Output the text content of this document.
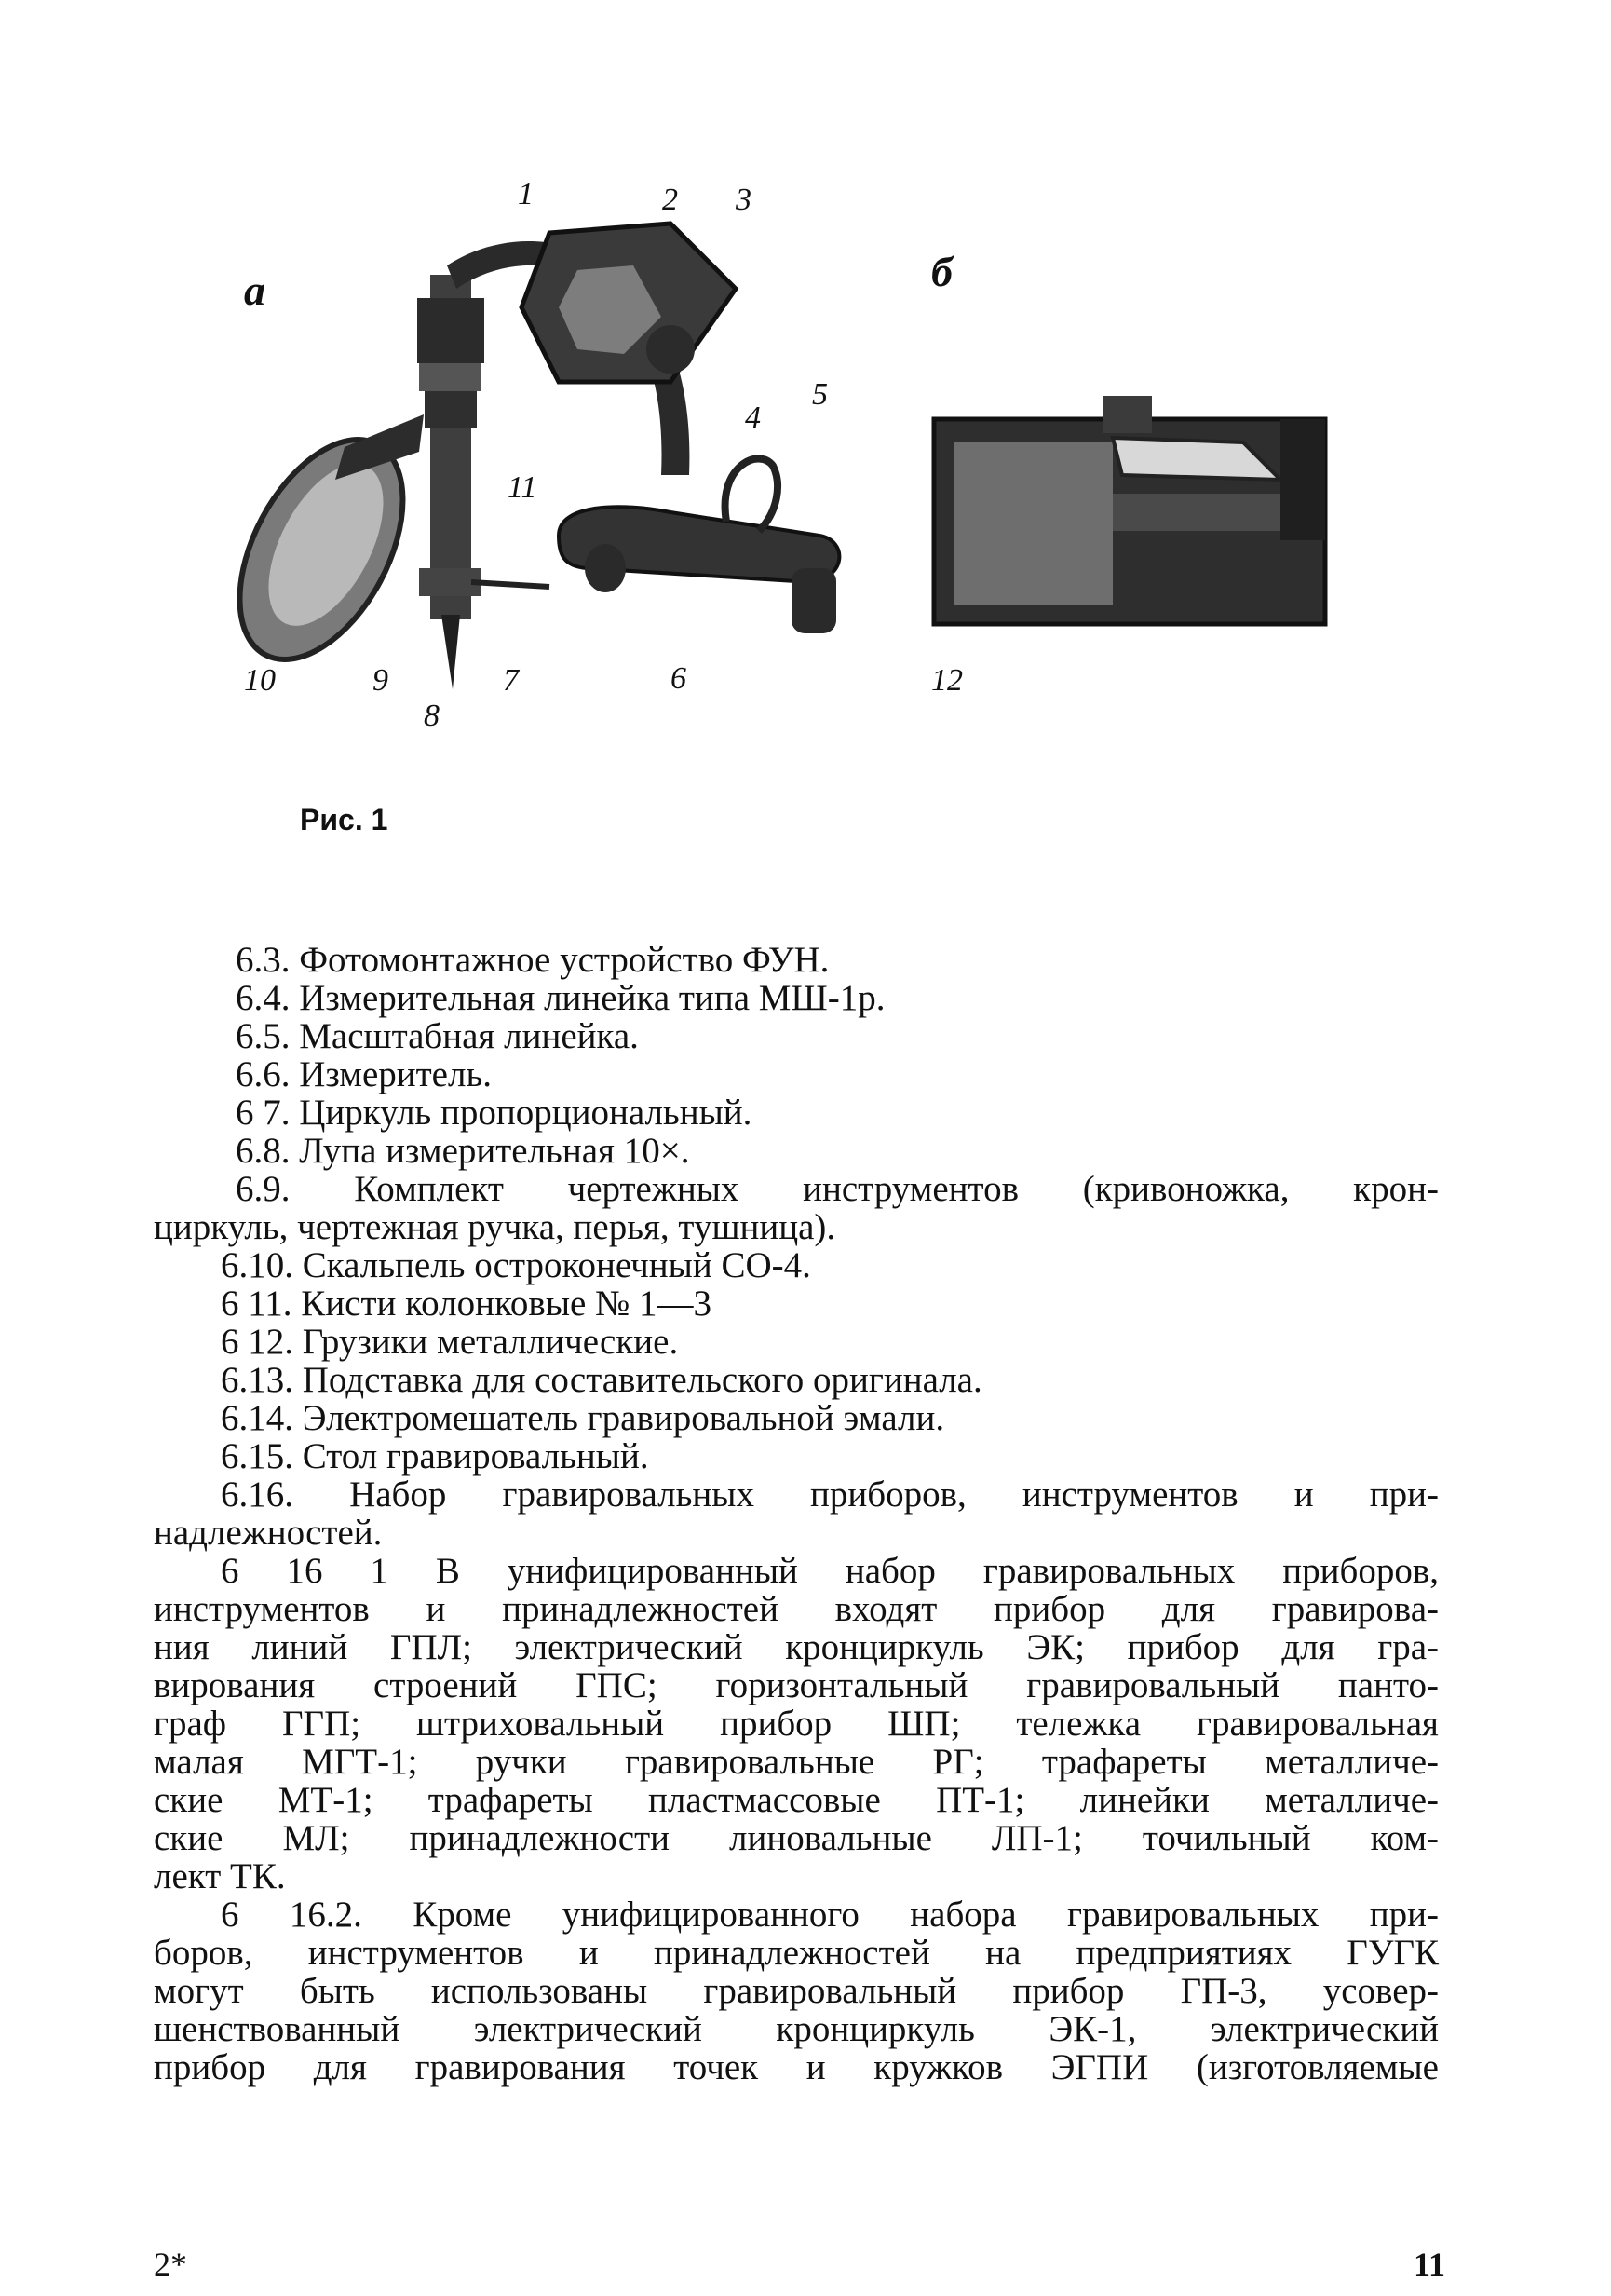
а	б
1	2 3
4
5
6
7
8
9
10
11
12
Рис. 1
6.3. Фотомонтажное устройство ФУН.
6.4. Измерительная линейка типа МШ-1р.
6.5. Масштабная линейка.
6.6. Измеритель.
6 7. Циркуль пропорциональный.
6.8. Лупа измерительная 10×.
6.9. Комплект чертежных инструментов (кривоножка, крон-
циркуль, чертежная ручка, перья, тушница).
6.10. Скальпель остроконечный СО-4.
6 11. Кисти колонковые № 1—3
6 12. Грузики металлические.
6.13. Подставка для составительского оригинала.
6.14. Электромешатель гравировальной эмали.
6.15. Стол гравировальный.
6.16. Набор гравировальных приборов, инструментов и при-
надлежностей.
6 16 1 В унифицированный набор гравировальных приборов,
инструментов и принадлежностей входят прибор для гравирова-
ния линий ГПЛ; электрический кронциркуль ЭК; прибор для гра-
вирования строений ГПС; горизонтальный гравировальный панто-
граф ГГП; штриховальный прибор ШП; тележка гравировальная
малая МГТ-1; ручки гравировальные РГ; трафареты металличе-
ские МТ-1; трафареты пластмассовые ПТ-1; линейки металличе-
ские МЛ; принадлежности линовальные ЛП-1; точильный ком-
лект ТК.
6 16.2. Кроме унифицированного набора гравировальных при-
боров, инструментов и принадлежностей на предприятиях ГУГК
могут быть использованы гравировальный прибор ГП-3, усовер-
шенствованный электрический кронциркуль ЭК-1, электрический
прибор для гравирования точек и кружков ЭГПИ (изготовляемые
2*	11
